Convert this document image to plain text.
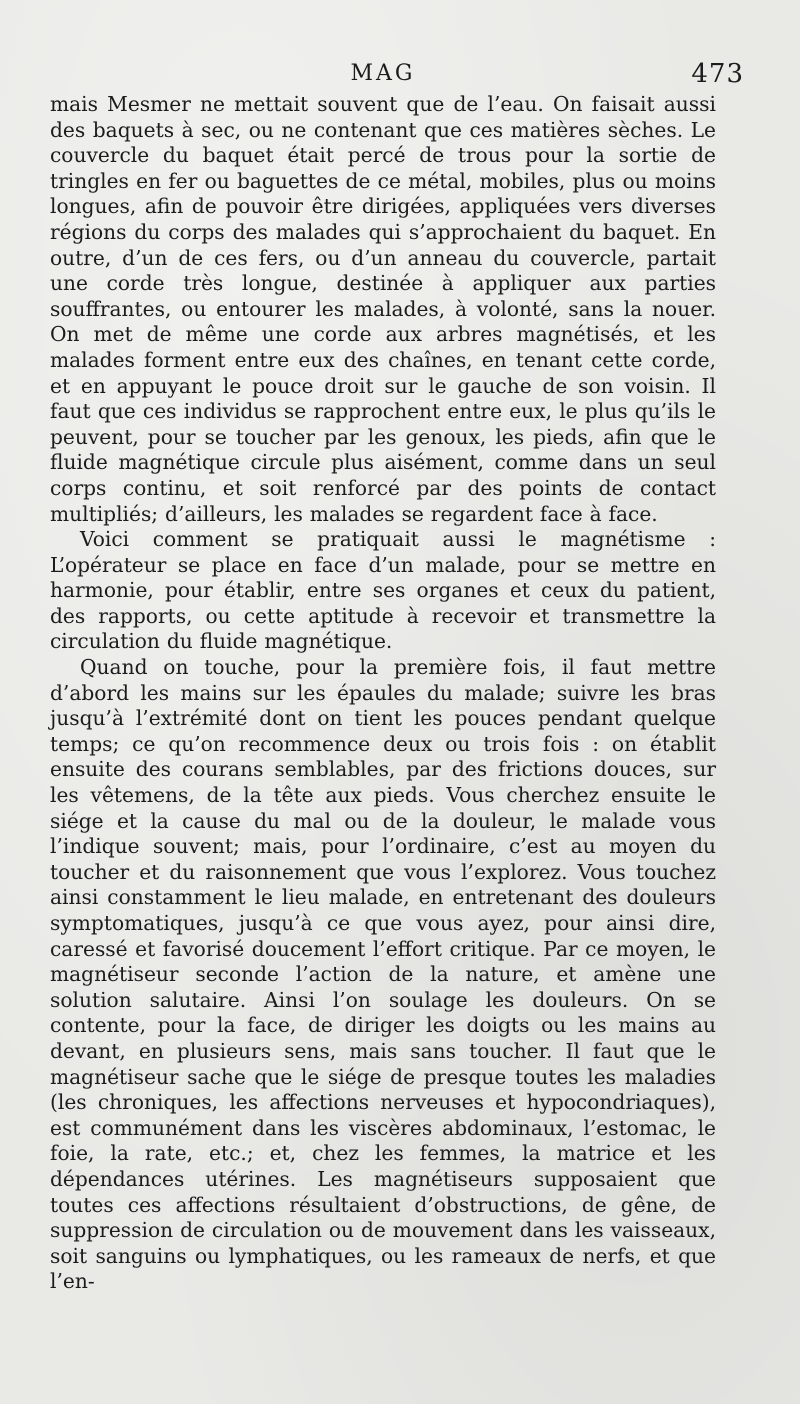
MAG	473

mais Mesmer ne mettait souvent que de l’eau. On faisait aussi des baquets à sec, ou ne contenant que ces matières sèches. Le couvercle du baquet était percé de trous pour la sortie de tringles en fer ou baguettes de ce métal, mobiles, plus ou moins longues, afin de pouvoir être dirigées, appliquées vers diverses régions du corps des malades qui s’approchaient du baquet. En outre, d’un de ces fers, ou d’un anneau du couvercle, partait une corde très longue, destinée à appliquer aux parties souffrantes, ou entourer les malades, à volonté, sans la nouer. On met de même une corde aux arbres magnétisés, et les malades forment entre eux des chaînes, en tenant cette corde, et en appuyant le pouce droit sur le gauche de son voisin. Il faut que ces individus se rapprochent entre eux, le plus qu’ils le peuvent, pour se toucher par les genoux, les pieds, afin que le fluide magnétique circule plus aisément, comme dans un seul corps continu, et soit renforcé par des points de contact multipliés; d’ailleurs, les malades se regardent face à face.

Voici comment se pratiquait aussi le magnétisme : L’opérateur se place en face d’un malade, pour se mettre en harmonie, pour établir, entre ses organes et ceux du patient, des rapports, ou cette aptitude à recevoir et transmettre la circulation du fluide magnétique.

Quand on touche, pour la première fois, il faut mettre d’abord les mains sur les épaules du malade; suivre les bras jusqu’à l’extrémité dont on tient les pouces pendant quelque temps; ce qu’on recommence deux ou trois fois : on établit ensuite des courans semblables, par des frictions douces, sur les vêtemens, de la tête aux pieds. Vous cherchez ensuite le siége et la cause du mal ou de la douleur, le malade vous l’indique souvent; mais, pour l’ordinaire, c’est au moyen du toucher et du raisonnement que vous l’explorez. Vous touchez ainsi constamment le lieu malade, en entretenant des douleurs symptomatiques, jusqu’à ce que vous ayez, pour ainsi dire, caressé et favorisé doucement l’effort critique. Par ce moyen, le magnétiseur seconde l’action de la nature, et amène une solution salutaire. Ainsi l’on soulage les douleurs. On se contente, pour la face, de diriger les doigts ou les mains au devant, en plusieurs sens, mais sans toucher. Il faut que le magnétiseur sache que le siége de presque toutes les maladies (les chroniques, les affections nerveuses et hypocondriaques), est communément dans les viscères abdominaux, l’estomac, le foie, la rate, etc.; et, chez les femmes, la matrice et les dépendances utérines. Les magnétiseurs supposaient que toutes ces affections résultaient d’obstructions, de gêne, de suppression de circulation ou de mouvement dans les vaisseaux, soit sanguins ou lymphatiques, ou les rameaux de nerfs, et que l’en-
